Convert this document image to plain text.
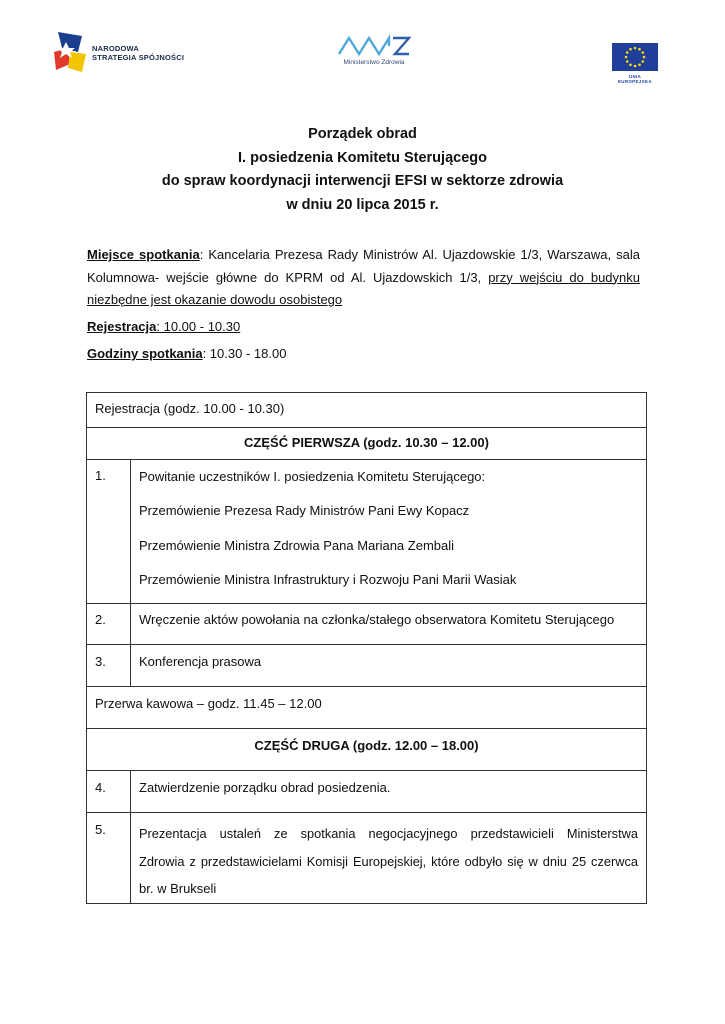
NARODOWA
STRATEGIA SPÓJNOŚCI
Ministerstwo Zdrowia
UNIA EUROPEJSKA
Porządek obrad
I. posiedzenia Komitetu Sterującego
do spraw koordynacji interwencji EFSI w sektorze zdrowia
w dniu 20 lipca 2015 r.
Miejsce spotkania: Kancelaria Prezesa Rady Ministrów Al. Ujazdowskie 1/3, Warszawa, sala
Kolumnowa- wejście główne do KPRM od Al. Ujazdowskich 1/3, przy wejściu do budynku
niezbędne jest okazanie dowodu osobistego
Rejestracja: 10.00 - 10.30
Godziny spotkania: 10.30 - 18.00
Rejestracja (godz. 10.00 - 10.30)	
CZĘŚĆ PIERWSZA (godz. 10.30 – 12.00)	
1.	Powitanie uczestników I. posiedzenia Komitetu Sterującego:
Przemówienie Prezesa Rady Ministrów Pani Ewy Kopacz
Przemówienie Ministra Zdrowia Pana Mariana Zembali
Przemówienie Ministra Infrastruktury i Rozwoju Pani Marii Wasiak

2.	Wręczenie aktów powołania na członka/stałego obserwatora Komitetu Sterującego
3.	Konferencja prasowa
Przerwa kawowa – godz. 11.45 – 12.00	
CZĘŚĆ DRUGA (godz. 12.00 – 18.00)	
4.	Zatwierdzenie porządku obrad posiedzenia.
5.	Prezentacja ustaleń ze spotkania negocjacyjnego przedstawicieli Ministerstwa
Zdrowia z przedstawicielami Komisji Europejskiej, które odbyło się w dniu 25 czerwca
br. w Brukseli
